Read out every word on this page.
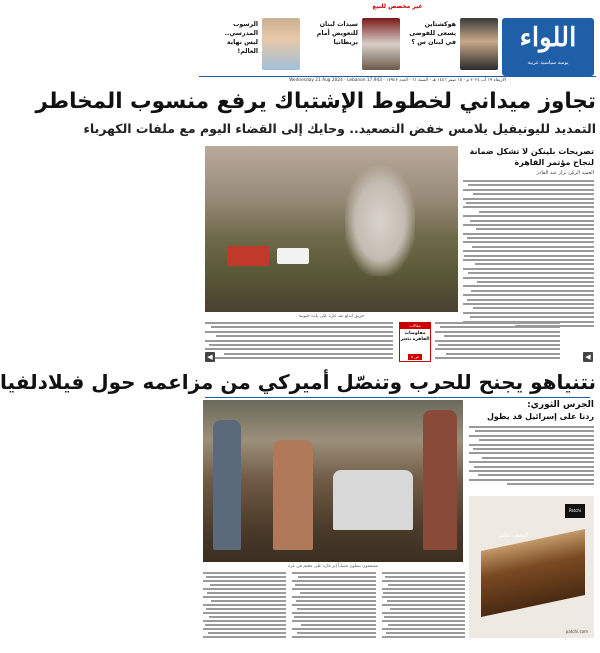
غير مخصص للبيع
اللواء
يومية سياسية عربية
هوكشتاين يسعى للفوضى في لبنان س ؟
سيدات لبنان للتعويض أمام بريطانيا
الرسوب المدرسي.. ليس نهاية العالم!
الاربعاء ١٩ آب ٢٠٢٤ م - ١٥ صفر ١٤٤٦ هـ - السنة ٦١ - العدد ١٧٩٤٣ - Wednesday 21 Aug 2024 - Lebanon 17,943
تجاوز ميداني لخطوط الإشتباك يرفع منسوب المخاطر
التمديد لليونيفيل يلامس خفض التصعيد.. وحايك إلى القضاء اليوم مع ملفات الكهرباء
حريق اندلع بعد غارة على بلدة جنوبية
تصريحات بلينكن لا تشكل ضمانة لنجاح مؤتمر القاهرة
العميد الركن نزار عبد القادر
مقالات
مفاوضات القاهرة تتعثر
ص ٥
◀	◀
نتنياهو يجنح للحرب وتنصّل أميركي من مزاعمه حول فيلادلفيا
مسعفون ينقلون مصاباً إثر غارة على مخيم في غزة
الجرس الثوري:
ردنا على إسرائيل قد يطول
Patchi
كتشف عالم
patchi.com
